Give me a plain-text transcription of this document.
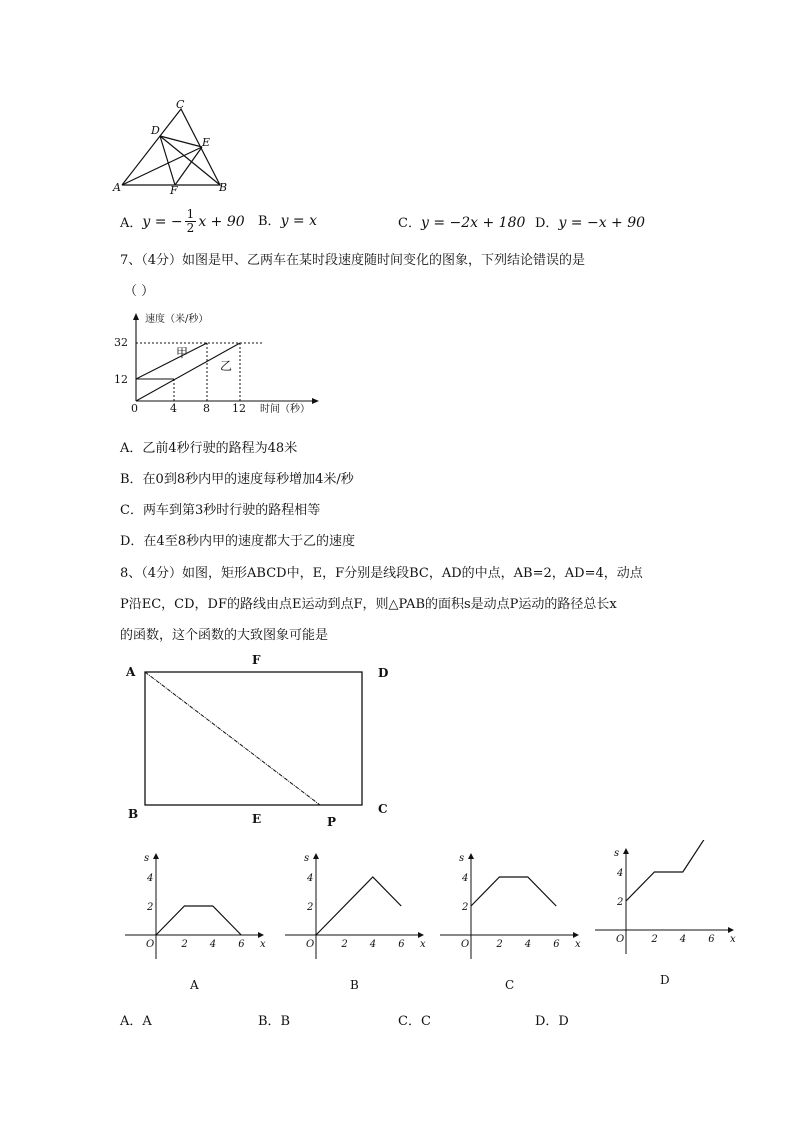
C
D
E
A	F	B
A． y = − $\frac{1}{2}$ x + 90 B．y = x	C．y = −2x + 180 D．y = −x + 90
7、（4分）如图是甲、乙两车在某时段速度随时间变化的图象，下列结论错误的是
（ ）
速度（米/秒）
32
12
0	4 8 12 时间（秒）
甲
乙
A．乙前4秒行驶的路程为48米
B．在0到8秒内甲的速度每秒增加4米/秒
C．两车到第3秒时行驶的路程相等
D．在4至8秒内甲的速度都大于乙的速度
8、（4分）如图，矩形ABCD中，E，F分别是线段BC，AD的中点，AB=2，AD=4，动点
P沿EC，CD，DF的路线由点E运动到点F，则△PAB的面积s是动点P运动的路径总长x
的函数，这个函数的大致图象可能是
A
F
D
B	E
C
P
s
x
O
4
2
2 4 6
A
s
x
O
4
2
2 4 6
B
s
x
O
4
2
2 4 6
C
s
x
O
4
2
2 4 6
D
A．A	B．B	C．C	D．D
